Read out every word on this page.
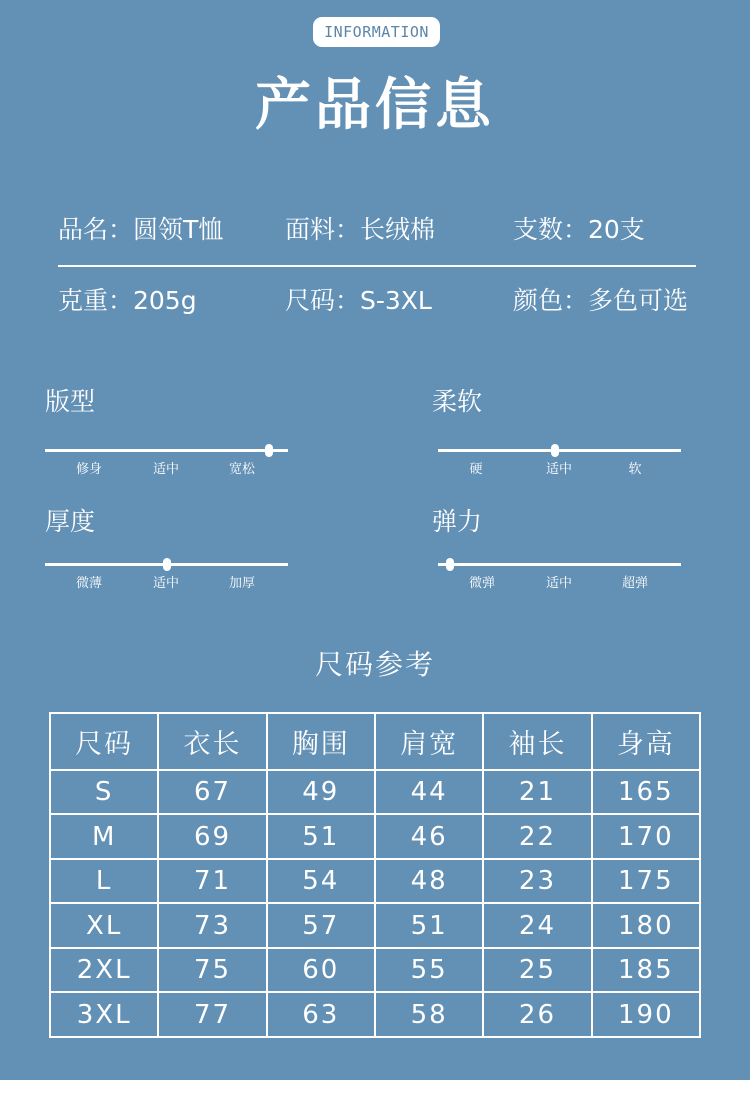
INFORMATION
产品信息
品名：圆领T恤 面料：长绒棉	支数：20支
克重：205g	尺码：S-3XL	颜色：多色可选
版型
修身	适中	宽松
柔软
硬	适中	软
厚度
微薄	适中	加厚
弹力
微弹	适中	超弹
尺码参考
尺码	衣长	胸围	肩宽	袖长	身高
S	67	49	44	21	165
M	69	51	46	22	170
L	71	54	48	23	175
XL	73	57	51	24	180
2XL	75	60	55	25	185
3XL	77	63	58	26	190
